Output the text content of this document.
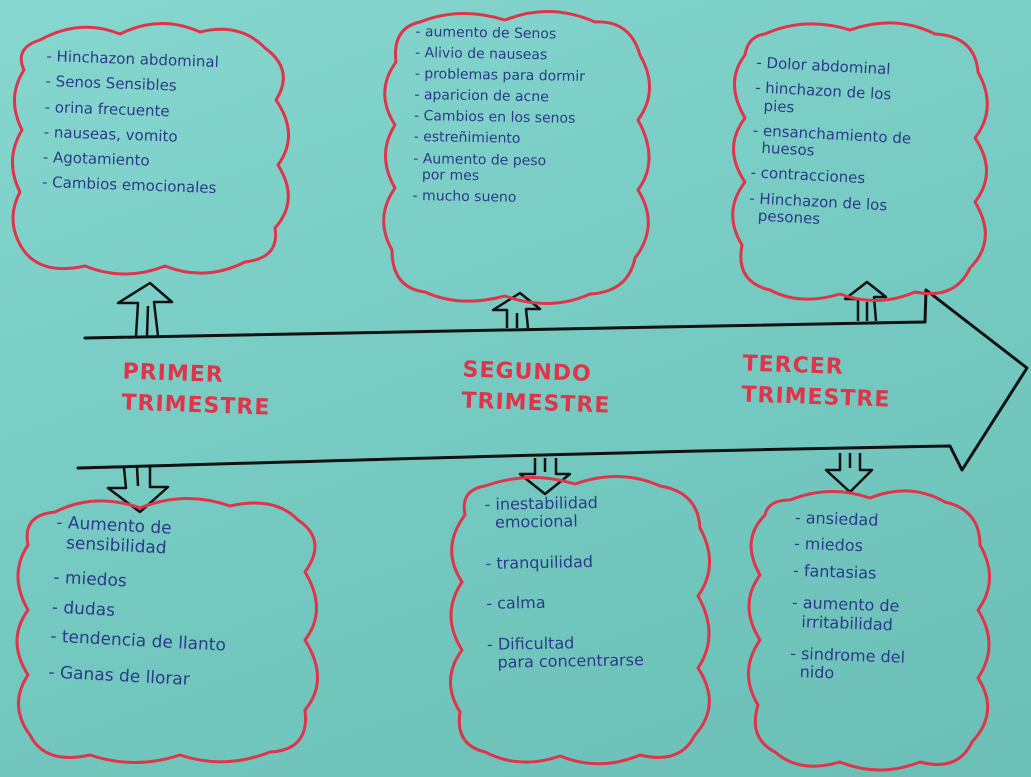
- Hinchazon abdominal
- Senos Sensibles
- orina frecuente
- nauseas, vomito
- Agotamiento
- Cambios emocionales
- aumento de Senos
- Alivio de nauseas
- problemas para dormir
- aparicion de acne
- Cambios en los senos
- estreñimiento
- Aumento de peso
por mes
- mucho sueno
- Dolor abdominal
- hinchazon de los
pies
- ensanchamiento de
huesos
- contracciones
- Hinchazon de los
pesones
- Aumento de
sensibilidad
- miedos
- dudas
- tendencia de llanto
- Ganas de llorar
- inestabilidad
emocional
- tranquilidad
- calma
- Dificultad
para concentrarse
- ansiedad
- miedos
- fantasias
- aumento de
irritabilidad
- sindrome del
nido
PRIMER
TRIMESTRE
SEGUNDO
TRIMESTRE
TERCER
TRIMESTRE
